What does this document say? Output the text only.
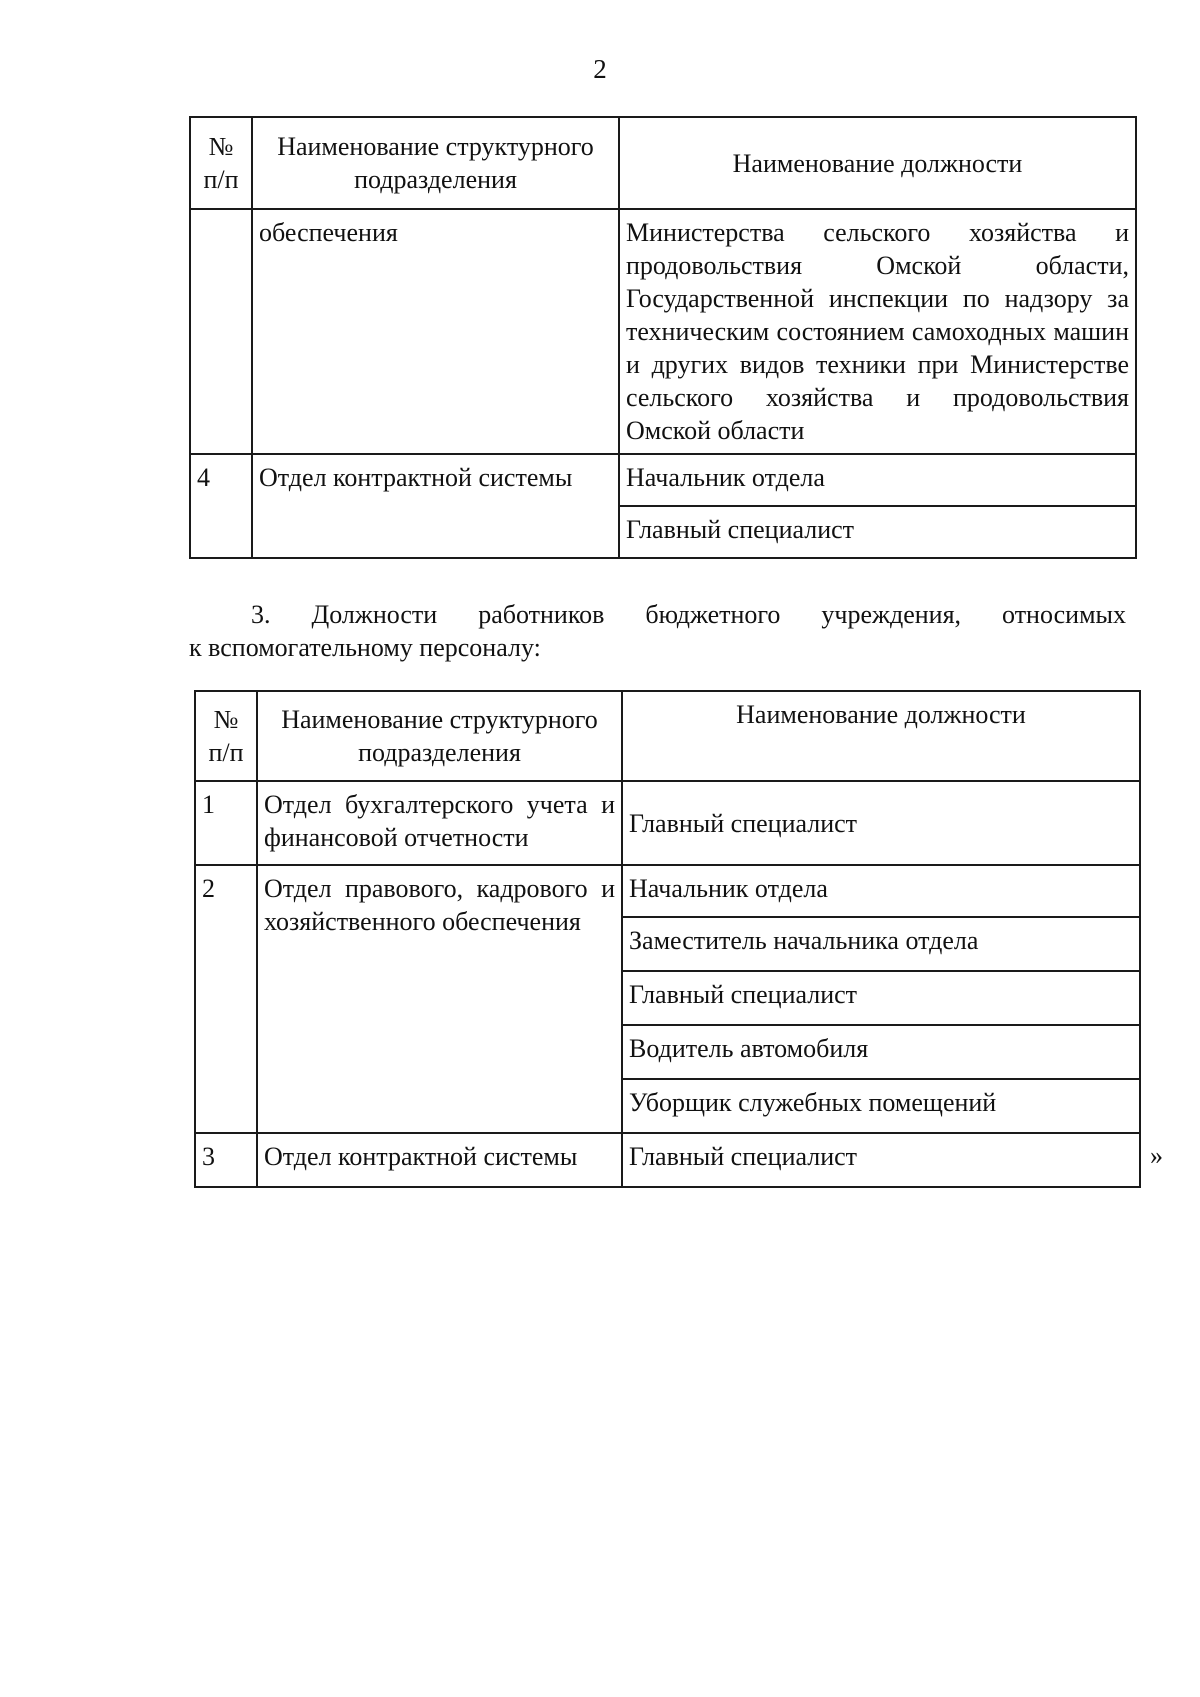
2
№ п/п	Наименование структурного подразделения	Наименование должности
	обеспечения	Министерства сельского хозяйства и продовольствия Омской области, Государственной инспекции по надзору за техническим состоянием самоходных машин и других видов техники при Министерстве сельского хозяйства и продовольствия Омской области
4	Отдел контрактной системы	Начальник отдела
		Главный специалист
3. Должности работников бюджетного учреждения, относимых
к вспомогательному персоналу:
№ п/п	Наименование структурного подразделения	Наименование должности
1	Отдел бухгалтерского учета и финансовой отчетности	Главный специалист
2	Отдел правового, кадрового и хозяйственного обеспечения	Начальник отдела
		Заместитель начальника отдела
		Главный специалист
		Водитель автомобиля
		Уборщик служебных помещений
3	Отдел контрактной системы	Главный специалист	»
